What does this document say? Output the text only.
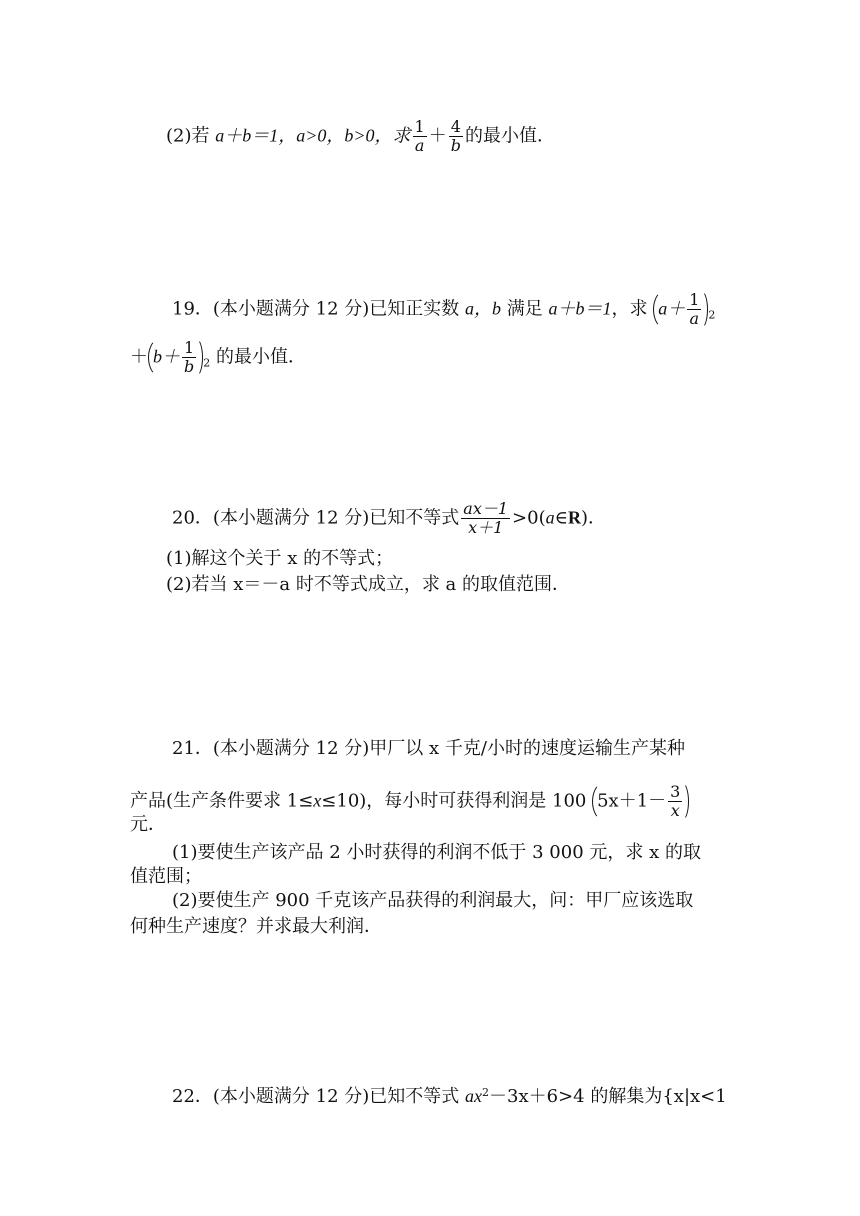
(2)若 a＋b＝1，a>0，b>0，求 $\frac{1}{a} + \frac{4}{b}$ 的最小值．
19．(本小题满分 12 分)已知正实数 a，b 满足 a＋b＝1，求 $a+ \frac{1}{a} _2$
＋ $b+ \frac{1}{b} _2$ 的最小值．
20．(本小题满分 12 分)已知不等式 $\frac{ax-1}{x+1}$ >0(a∈R)．
(1)解这个关于 x 的不等式；
(2)若当 x＝－a 时不等式成立，求 a 的取值范围．
21．(本小题满分 12 分)甲厂以 x 千克/小时的速度运输生产某种
产品(生产条件要求 1≤x≤10)，每小时可获得利润是 100 $5x+1- \frac{3}{x}$
元．
(1)要使生产该产品 2 小时获得的利润不低于 3 000 元，求 x 的取
值范围；
(2)要使生产 900 千克该产品获得的利润最大，问：甲厂应该选取
何种生产速度？并求最大利润．
22．(本小题满分 12 分)已知不等式 $ax^2-3x+6>4$ 的解集为{x|x<1
